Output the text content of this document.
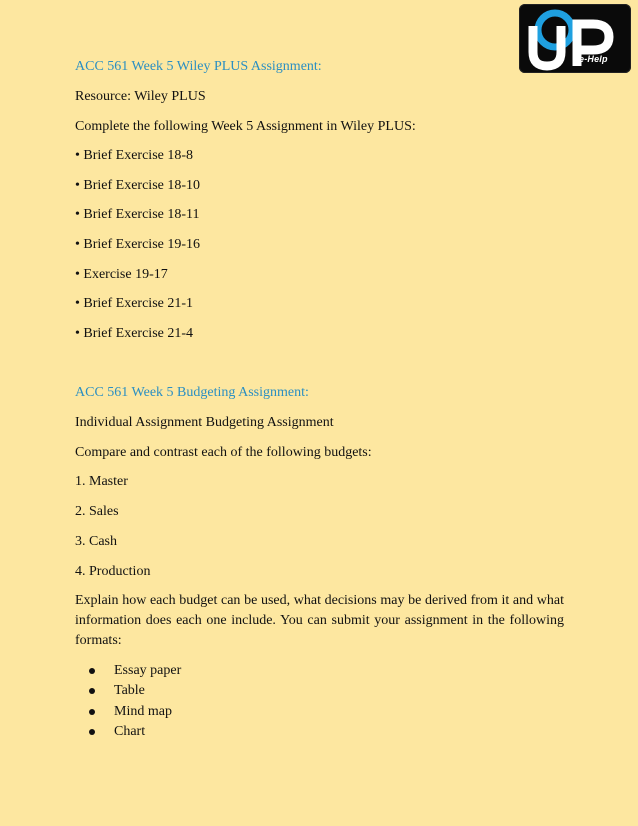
e-Help
ACC 561 Week 5 Wiley PLUS Assignment:
Resource: Wiley PLUS
Complete the following Week 5 Assignment in Wiley PLUS:
• Brief Exercise 18-8
• Brief Exercise 18-10
• Brief Exercise 18-11
• Brief Exercise 19-16
• Exercise 19-17
• Brief Exercise 21-1
• Brief Exercise 21-4
ACC 561 Week 5 Budgeting Assignment:
Individual Assignment Budgeting Assignment
Compare and contrast each of the following budgets:
1. Master
2. Sales
3. Cash
4. Production
Explain how each budget can be used, what decisions may be derived from it and what information does each one include. You can submit your assignment in the following formats:
Essay paper
Table
Mind map
Chart
